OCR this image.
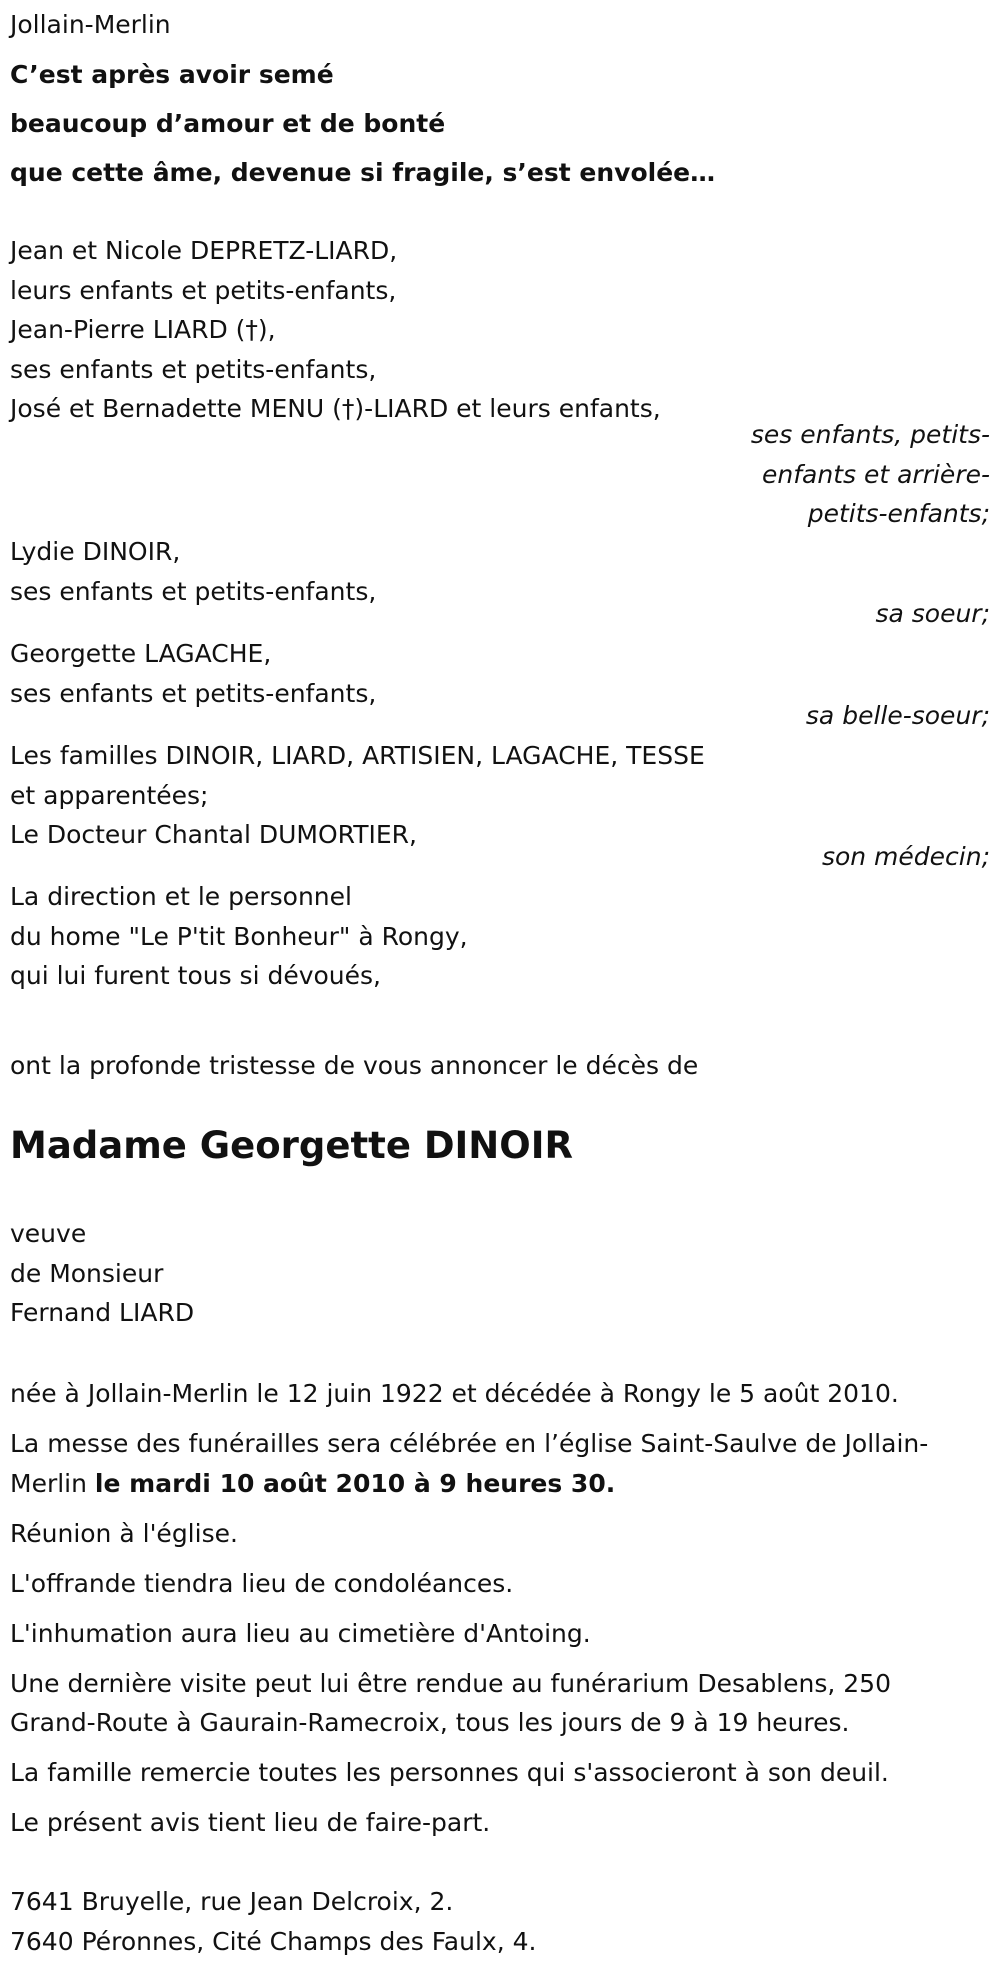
Jollain-Merlin
C’est après avoir semé
beaucoup d’amour et de bonté
que cette âme, devenue si fragile, s’est envolée…
Jean et Nicole DEPRETZ-LIARD,
leurs enfants et petits-enfants,
Jean-Pierre LIARD (†),
ses enfants et petits-enfants,
José et Bernadette MENU (†)-LIARD et leurs enfants,
ses enfants, petits-
enfants et arrière-
petits-enfants;
Lydie DINOIR,
ses enfants et petits-enfants,
sa soeur;
Georgette LAGACHE,
ses enfants et petits-enfants,
sa belle-soeur;
Les familles DINOIR, LIARD, ARTISIEN, LAGACHE, TESSE
et apparentées;
Le Docteur Chantal DUMORTIER,
son médecin;
La direction et le personnel
du home "Le P'tit Bonheur" à Rongy,
qui lui furent tous si dévoués,
ont la profonde tristesse de vous annoncer le décès de
Madame Georgette DINOIR
veuve
de Monsieur
Fernand LIARD
née à Jollain-Merlin le 12 juin 1922 et décédée à Rongy le 5 août 2010.
La messe des funérailles sera célébrée en l’église Saint-Saulve de Jollain-
Merlin le mardi 10 août 2010 à 9 heures 30.
Réunion à l'église.
L'offrande tiendra lieu de condoléances.
L'inhumation aura lieu au cimetière d'Antoing.
Une dernière visite peut lui être rendue au funérarium Desablens, 250
Grand-Route à Gaurain-Ramecroix, tous les jours de 9 à 19 heures.
La famille remercie toutes les personnes qui s'associeront à son deuil.
Le présent avis tient lieu de faire-part.
7641 Bruyelle, rue Jean Delcroix, 2.
7640 Péronnes, Cité Champs des Faulx, 4.
